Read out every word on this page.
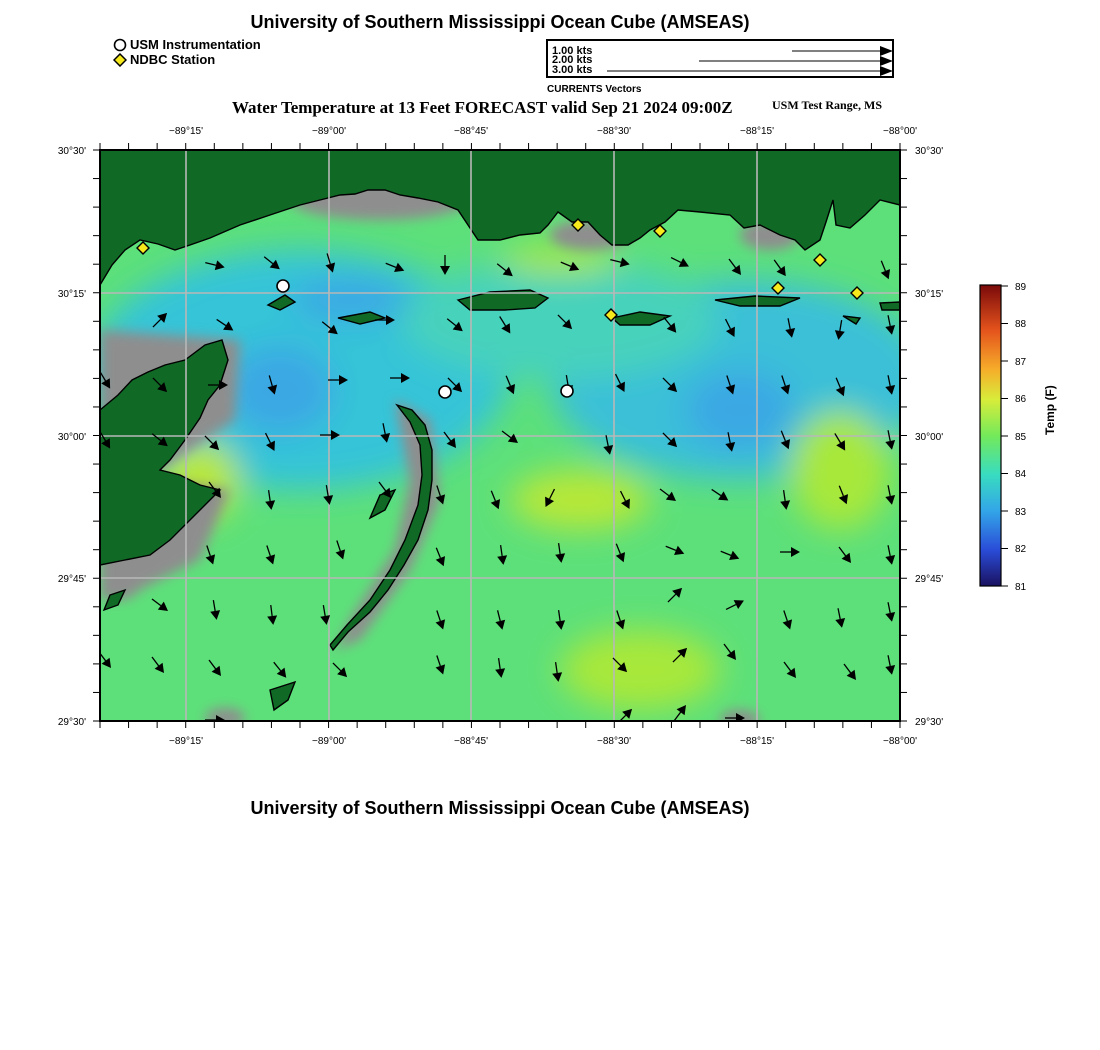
University of Southern Mississippi Ocean Cube (AMSEAS)
USM Instrumentation
NDBC Station
1.00 kts
2.00 kts
3.00 kts
CURRENTS Vectors
Water Temperature at 13 Feet FORECAST valid Sep 21 2024 09:00Z	USM Test Range, MS
−89°15'	−89°00'	−88°45'	−88°30'	−88°15'	−88°00'
−89°15'	−89°00'	−88°45'	−88°30'	−88°15'	−88°00'
30°30'
30°15'
30°00'
29°45'
29°30'
30°30'
30°15'
30°00'
29°45'
29°30'
89
88
87
86
85
84
83
82
81
Temp (F)
University of Southern Mississippi Ocean Cube (AMSEAS)
